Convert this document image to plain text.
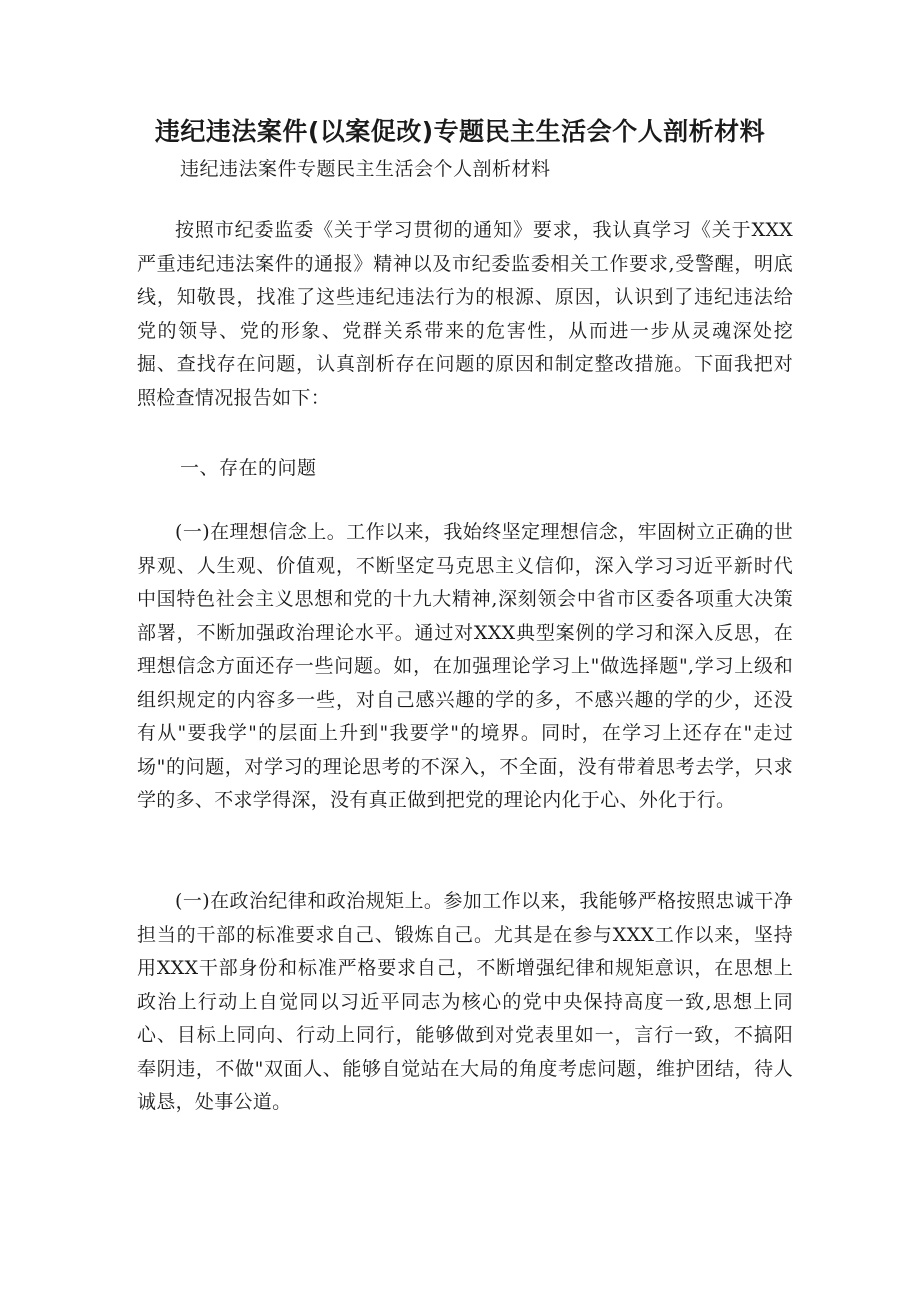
违纪违法案件(以案促改)专题民主生活会个人剖析材料

违纪违法案件专题民主生活会个人剖析材料

按照市纪委监委《关于学习贯彻的通知》要求，我认真学习《关于XXX严重违纪违法案件的通报》精神以及市纪委监委相关工作要求,受警醒，明底线，知敬畏，找准了这些违纪违法行为的根源、原因，认识到了违纪违法给党的领导、党的形象、党群关系带来的危害性，从而进一步从灵魂深处挖掘、查找存在问题，认真剖析存在问题的原因和制定整改措施。下面我把对照检查情况报告如下：

一、存在的问题

(一)在理想信念上。工作以来，我始终坚定理想信念，牢固树立正确的世界观、人生观、价值观，不断坚定马克思主义信仰，深入学习习近平新时代中国特色社会主义思想和党的十九大精神,深刻领会中省市区委各项重大决策部署，不断加强政治理论水平。通过对XXX典型案例的学习和深入反思，在理想信念方面还存一些问题。如，在加强理论学习上"做选择题",学习上级和组织规定的内容多一些，对自己感兴趣的学的多，不感兴趣的学的少，还没有从"要我学"的层面上升到"我要学"的境界。同时，在学习上还存在"走过场"的问题，对学习的理论思考的不深入，不全面，没有带着思考去学，只求学的多、不求学得深，没有真正做到把党的理论内化于心、外化于行。

(一)在政治纪律和政治规矩上。参加工作以来，我能够严格按照忠诚干净担当的干部的标准要求自己、锻炼自己。尤其是在参与XXX工作以来，坚持用XXX干部身份和标准严格要求自己，不断增强纪律和规矩意识，在思想上政治上行动上自觉同以习近平同志为核心的党中央保持高度一致,思想上同心、目标上同向、行动上同行，能够做到对党表里如一，言行一致，不搞阳奉阴违，不做"双面人、能够自觉站在大局的角度考虑问题，维护团结，待人诚恳，处事公道。
